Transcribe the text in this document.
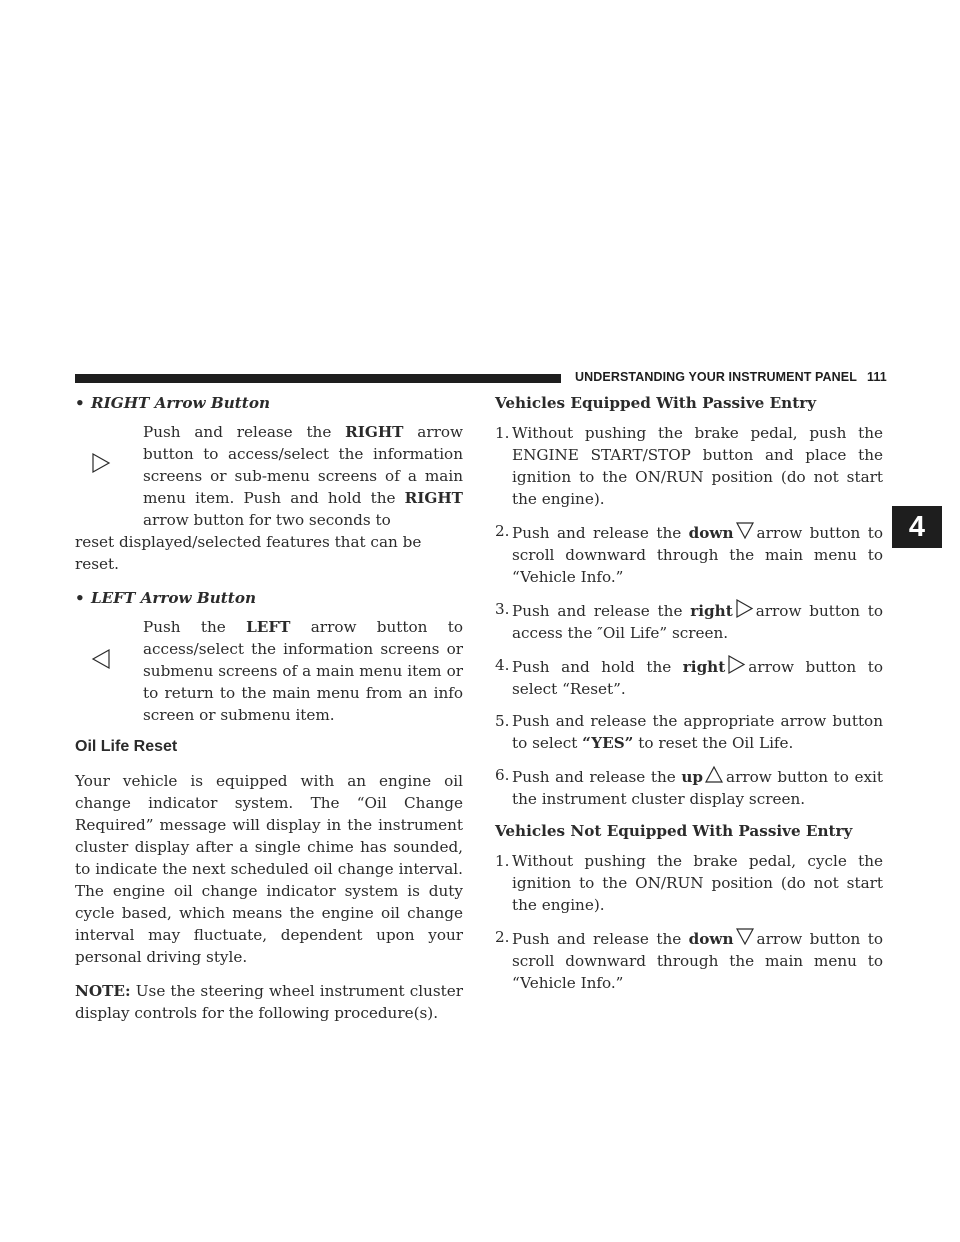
UNDERSTANDING YOUR INSTRUMENT PANEL 111
4
• RIGHT Arrow Button
Push and release the RIGHT arrow button to access/select the information screens or sub-menu screens of a main menu item. Push and hold the RIGHT arrow button for two seconds to
reset displayed/selected features that can be reset.
• LEFT Arrow Button
Push the LEFT arrow button to access/select the information screens or submenu screens of a main menu item or to return to the main menu from an info screen or submenu item.
Oil Life Reset

Your vehicle is equipped with an engine oil change indicator system. The “Oil Change Required” message will display in the instrument cluster display after a single chime has sounded, to indicate the next scheduled oil change interval. The engine oil change indicator system is duty cycle based, which means the engine oil change interval may fluctuate, dependent upon your personal driving style.

NOTE: Use the steering wheel instrument cluster display controls for the following procedure(s).

Vehicles Equipped With Passive Entry
1. Without pushing the brake pedal, push the ENGINE START/STOP button and place the ignition to the ON/RUN position (do not start the engine).
2. Push and release the down arrow button to scroll downward through the main menu to “Vehicle Info.”
3. Push and release the right arrow button to access the ″Oil Life” screen.
4. Push and hold the right arrow button to select “Reset”.
5. Push and release the appropriate arrow button to select “YES” to reset the Oil Life.
6. Push and release the up arrow button to exit the instrument cluster display screen.
Vehicles Not Equipped With Passive Entry
1. Without pushing the brake pedal, cycle the ignition to the ON/RUN position (do not start the engine).
2. Push and release the down arrow button to scroll downward through the main menu to “Vehicle Info.”
